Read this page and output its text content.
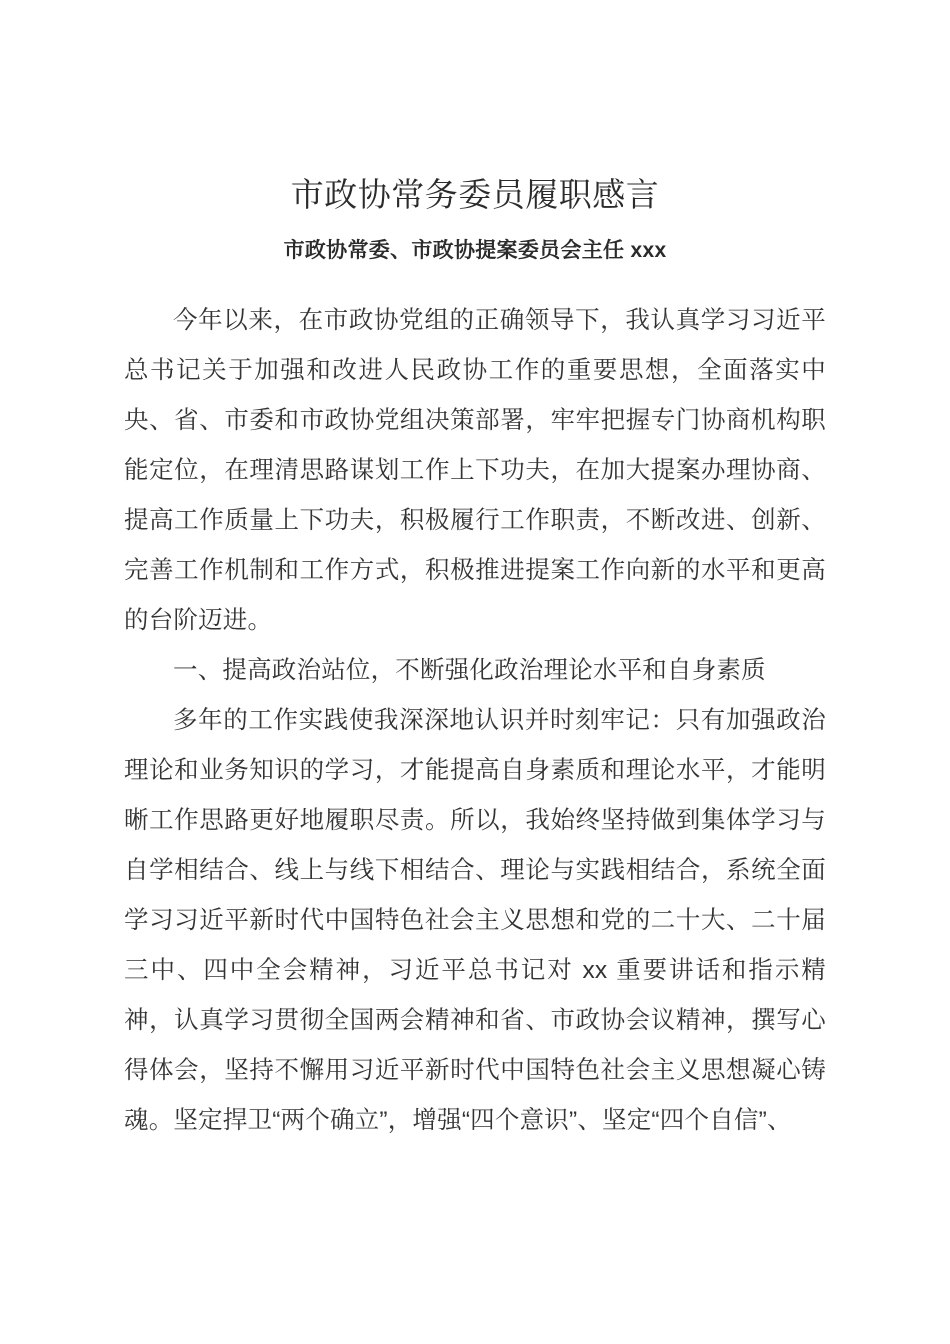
市政协常务委员履职感言
市政协常委、市政协提案委员会主任 xxx

今年以来，在市政协党组的正确领导下，我认真学习习近平总书记关于加强和改进人民政协工作的重要思想，全面落实中央、省、市委和市政协党组决策部署，牢牢把握专门协商机构职能定位，在理清思路谋划工作上下功夫，在加大提案办理协商、提高工作质量上下功夫，积极履行工作职责，不断改进、创新、完善工作机制和工作方式，积极推进提案工作向新的水平和更高的台阶迈进。

一、提高政治站位，不断强化政治理论水平和自身素质

多年的工作实践使我深深地认识并时刻牢记：只有加强政治理论和业务知识的学习，才能提高自身素质和理论水平，才能明晰工作思路更好地履职尽责。所以，我始终坚持做到集体学习与自学相结合、线上与线下相结合、理论与实践相结合，系统全面学习习近平新时代中国特色社会主义思想和党的二十大、二十届三中、四中全会精神，习近平总书记对 xx 重要讲话和指示精神，认真学习贯彻全国两会精神和省、市政协会议精神，撰写心得体会，坚持不懈用习近平新时代中国特色社会主义思想凝心铸魂。坚定捍卫“两个确立”，增强“四个意识”、坚定“四个自信”、
